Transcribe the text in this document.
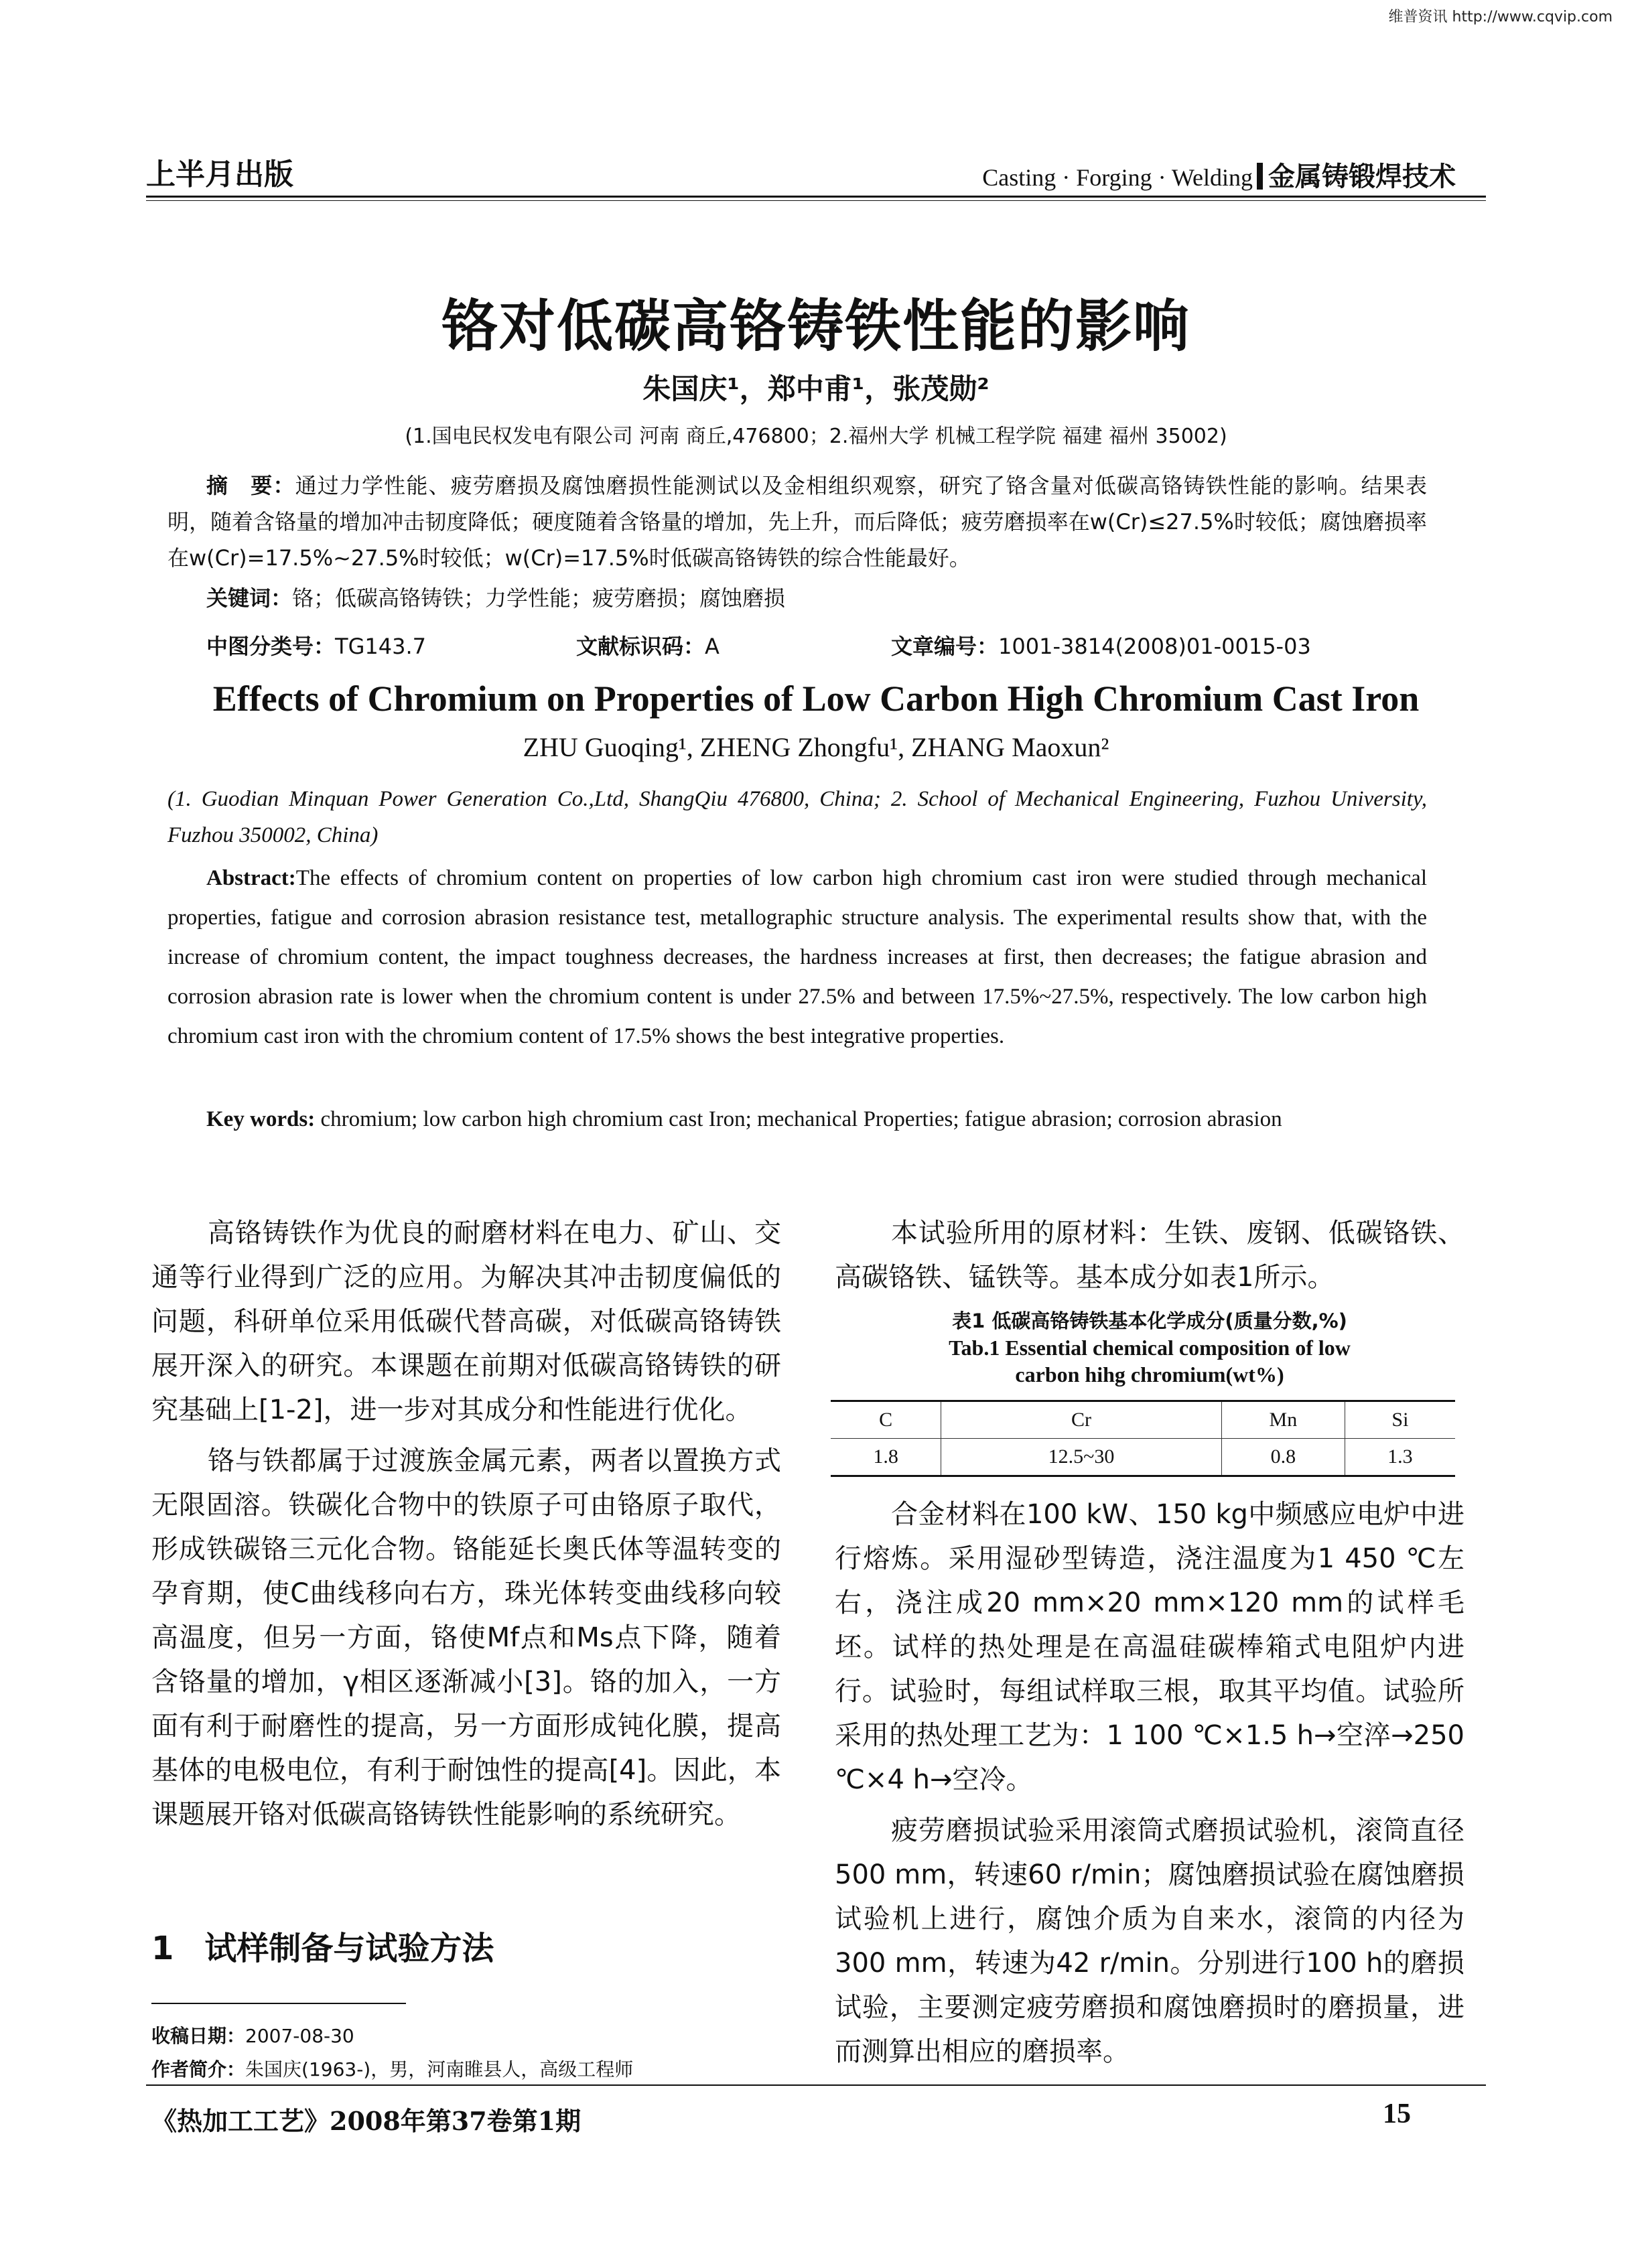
维普资讯 http://www.cqvip.com
上半月出版	Casting · Forging · Welding 金属铸锻焊技术
铬对低碳高铬铸铁性能的影响
朱国庆¹，郑中甫¹，张茂勋²
(1.国电民权发电有限公司 河南 商丘,476800；2.福州大学 机械工程学院 福建 福州 35002)
摘　要：通过力学性能、疲劳磨损及腐蚀磨损性能测试以及金相组织观察，研究了铬含量对低碳高铬铸铁性能的影响。结果表明，随着含铬量的增加冲击韧度降低；硬度随着含铬量的增加，先上升，而后降低；疲劳磨损率在w(Cr)≤27.5%时较低；腐蚀磨损率在w(Cr)=17.5%~27.5%时较低；w(Cr)=17.5%时低碳高铬铸铁的综合性能最好。
关键词：铬；低碳高铬铸铁；力学性能；疲劳磨损；腐蚀磨损
中图分类号：TG143.7	文献标识码：A	文章编号：1001-3814(2008)01-0015-03
Effects of Chromium on Properties of Low Carbon High Chromium Cast Iron
ZHU Guoqing¹, ZHENG Zhongfu¹, ZHANG Maoxun²
(1. Guodian Minquan Power Generation Co.,Ltd, ShangQiu 476800, China; 2. School of Mechanical Engineering, Fuzhou University, Fuzhou 350002, China)
Abstract:The effects of chromium content on properties of low carbon high chromium cast iron were studied through mechanical properties, fatigue and corrosion abrasion resistance test, metallographic structure analysis. The experimental results show that, with the increase of chromium content, the impact toughness decreases, the hardness increases at first, then decreases; the fatigue abrasion and corrosion abrasion rate is lower when the chromium content is under 27.5% and between 17.5%~27.5%, respectively. The low carbon high chromium cast iron with the chromium content of 17.5% shows the best integrative properties.
Key words: chromium; low carbon high chromium cast Iron; mechanical Properties; fatigue abrasion; corrosion abrasion

高铬铸铁作为优良的耐磨材料在电力、矿山、交通等行业得到广泛的应用。为解决其冲击韧度偏低的问题，科研单位采用低碳代替高碳，对低碳高铬铸铁展开深入的研究。本课题在前期对低碳高铬铸铁的研究基础上[1-2]，进一步对其成分和性能进行优化。

铬与铁都属于过渡族金属元素，两者以置换方式无限固溶。铁碳化合物中的铁原子可由铬原子取代，形成铁碳铬三元化合物。铬能延长奥氏体等温转变的孕育期，使C曲线移向右方，珠光体转变曲线移向较高温度，但另一方面，铬使Mf点和Ms点下降，随着含铬量的增加，γ相区逐渐减小[3]。铬的加入，一方面有利于耐磨性的提高，另一方面形成钝化膜，提高基体的电极电位，有利于耐蚀性的提高[4]。因此，本课题展开铬对低碳高铬铸铁性能影响的系统研究。

1 试样制备与试验方法
收稿日期：2007-08-30
作者简介：朱国庆(1963-)，男，河南睢县人，高级工程师

本试验所用的原材料：生铁、废钢、低碳铬铁、高碳铬铁、锰铁等。基本成分如表1所示。

表1 低碳高铬铸铁基本化学成分(质量分数,%)
Tab.1 Essential chemical composition of low
carbon hihg chromium(wt%)
C	Cr	Mn	Si
1.8	12.5~30	0.8	1.3

合金材料在100 kW、150 kg中频感应电炉中进行熔炼。采用湿砂型铸造，浇注温度为1 450 ℃左右，浇注成20 mm×20 mm×120 mm的试样毛坯。试样的热处理是在高温硅碳棒箱式电阻炉内进行。试验时，每组试样取三根，取其平均值。试验所采用的热处理工艺为：1 100 ℃×1.5 h→空淬→250 ℃×4 h→空冷。

疲劳磨损试验采用滚筒式磨损试验机，滚筒直径500 mm，转速60 r/min；腐蚀磨损试验在腐蚀磨损试验机上进行，腐蚀介质为自来水，滚筒的内径为300 mm，转速为42 r/min。分别进行100 h的磨损试验，主要测定疲劳磨损和腐蚀磨损时的磨损量，进而测算出相应的磨损率。

《热加工工艺》2008年第37卷第1期	15
